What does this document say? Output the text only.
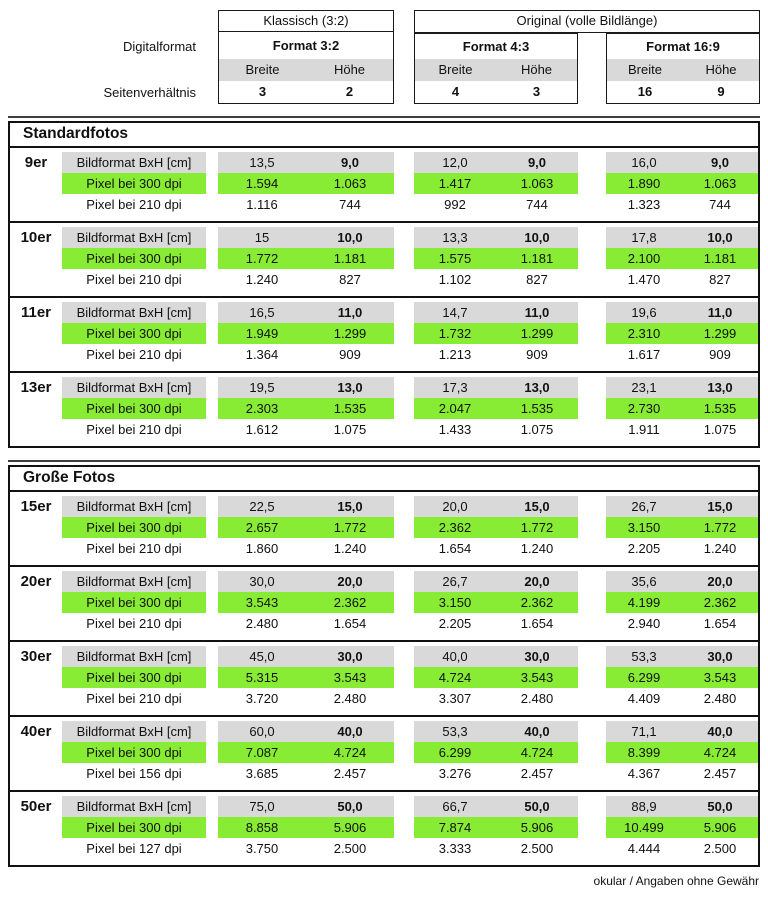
Digitalformat
Seitenverhältnis
Klassisch (3:2)
Format 3:2
Breite	Höhe
3	2
Original (volle Bildlänge)
Format 4:3
Breite	Höhe
4	3
Format 16:9
Breite	Höhe
16	9
Standardfotos
9er	Bildformat BxH [cm]	13,5	9,0	12,0	9,0	16,0	9,0
Pixel bei 300 dpi	1.594	1.063	1.417	1.063	1.890	1.063
Pixel bei 210 dpi	1.116	744	992	744	1.323	744
10er	Bildformat BxH [cm]	15	10,0	13,3	10,0	17,8	10,0
Pixel bei 300 dpi	1.772	1.181	1.575	1.181	2.100	1.181
Pixel bei 210 dpi	1.240	827	1.102	827	1.470	827
11er	Bildformat BxH [cm]	16,5	11,0	14,7	11,0	19,6	11,0
Pixel bei 300 dpi	1.949	1.299	1.732	1.299	2.310	1.299
Pixel bei 210 dpi	1.364	909	1.213	909	1.617	909
13er	Bildformat BxH [cm]	19,5	13,0	17,3	13,0	23,1	13,0
Pixel bei 300 dpi	2.303	1.535	2.047	1.535	2.730	1.535
Pixel bei 210 dpi	1.612	1.075	1.433	1.075	1.911	1.075
Große Fotos
15er	Bildformat BxH [cm]	22,5	15,0	20,0	15,0	26,7	15,0
Pixel bei 300 dpi	2.657	1.772	2.362	1.772	3.150	1.772
Pixel bei 210 dpi	1.860	1.240	1.654	1.240	2.205	1.240
20er	Bildformat BxH [cm]	30,0	20,0	26,7	20,0	35,6	20,0
Pixel bei 300 dpi	3.543	2.362	3.150	2.362	4.199	2.362
Pixel bei 210 dpi	2.480	1.654	2.205	1.654	2.940	1.654
30er	Bildformat BxH [cm]	45,0	30,0	40,0	30,0	53,3	30,0
Pixel bei 300 dpi	5.315	3.543	4.724	3.543	6.299	3.543
Pixel bei 210 dpi	3.720	2.480	3.307	2.480	4.409	2.480
40er	Bildformat BxH [cm]	60,0	40,0	53,3	40,0	71,1	40,0
Pixel bei 300 dpi	7.087	4.724	6.299	4.724	8.399	4.724
Pixel bei 156 dpi	3.685	2.457	3.276	2.457	4.367	2.457
50er	Bildformat BxH [cm]	75,0	50,0	66,7	50,0	88,9	50,0
Pixel bei 300 dpi	8.858	5.906	7.874	5.906	10.499	5.906
Pixel bei 127 dpi	3.750	2.500	3.333	2.500	4.444	2.500
okular / Angaben ohne Gewähr
